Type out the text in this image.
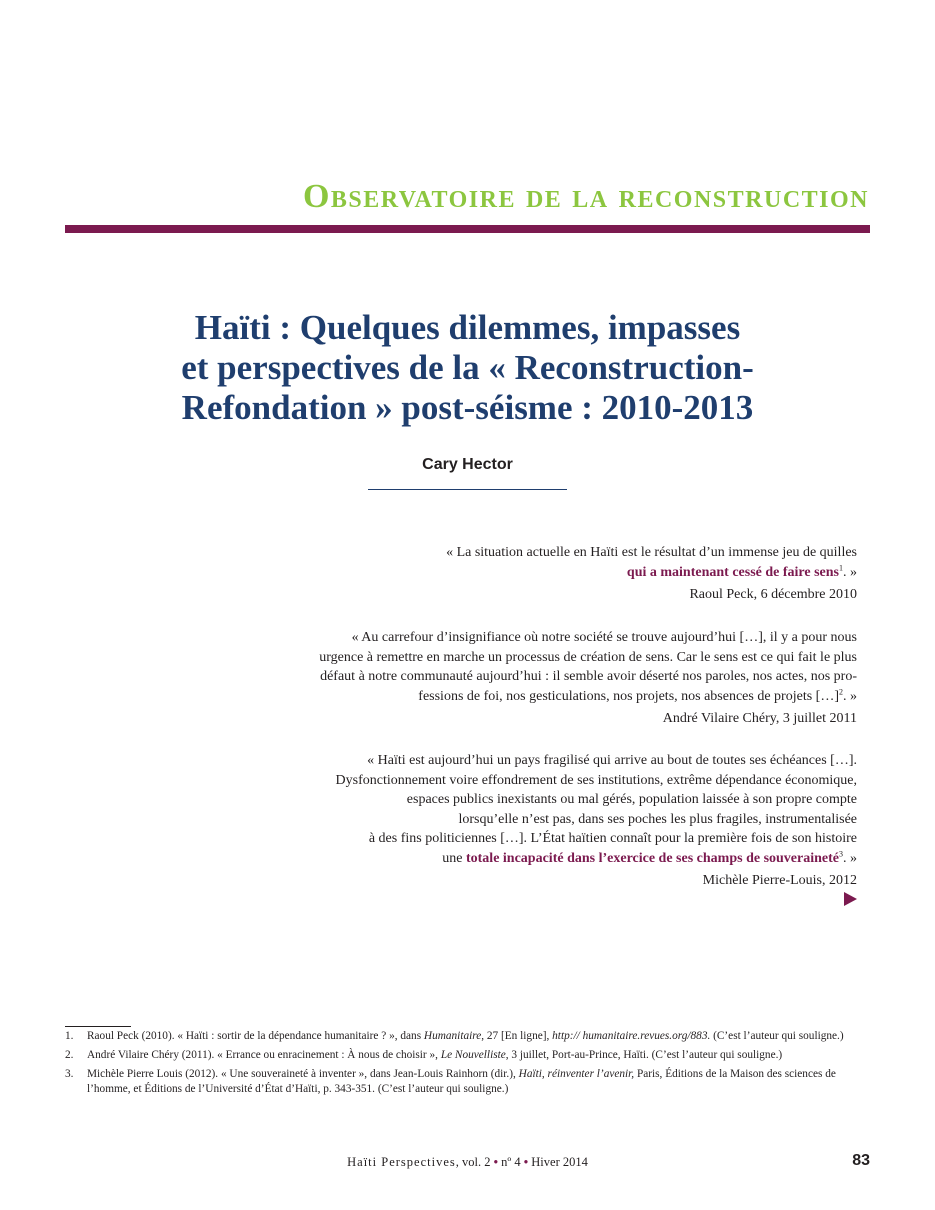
Observatoire de la reconstruction
Haïti : Quelques dilemmes, impasses
et perspectives de la « Reconstruction-
Refondation » post-séisme : 2010-2013
Cary Hector
« La situation actuelle en Haïti est le résultat d’un immense jeu de quilles
qui a maintenant cessé de faire sens$^1$. »
Raoul Peck, 6 décembre 2010
« Au carrefour d’insignifiance où notre société se trouve aujourd’hui […], il y a pour nous
urgence à remettre en marche un processus de création de sens. Car le sens est ce qui fait le plus
défaut à notre communauté aujourd’hui : il semble avoir déserté nos paroles, nos actes, nos pro-
fessions de foi, nos gesticulations, nos projets, nos absences de projets […]$^2$. »
André Vilaire Chéry, 3 juillet 2011
« Haïti est aujourd’hui un pays fragilisé qui arrive au bout de toutes ses échéances […].
Dysfonctionnement voire effondrement de ses institutions, extrême dépendance économique,
espaces publics inexistants ou mal gérés, population laissée à son propre compte
lorsqu’elle n’est pas, dans ses poches les plus fragiles, instrumentalisée
à des fins politiciennes […]. L’État haïtien connaît pour la première fois de son histoire
une totale incapacité dans l’exercice de ses champs de souveraineté$^3$. »
Michèle Pierre-Louis, 2012
1.	Raoul Peck (2010). « Haïti : sortir de la dépendance humanitaire ? », dans Humanitaire, 27 [En ligne], http:// humanitaire.revues.org/883. (C’est l’auteur qui souligne.)
2.	André Vilaire Chéry (2011). « Errance ou enracinement : À nous de choisir », Le Nouvelliste, 3 juillet, Port-au-Prince, Haïti. (C’est l’auteur qui souligne.)
3.	Michèle Pierre Louis (2012). « Une souveraineté à inventer », dans Jean-Louis Rainhorn (dir.), Haïti, réinventer l’avenir, Paris, Éditions de la Maison des sciences de l’homme, et Éditions de l’Université d’État d’Haïti, p. 343-351. (C’est l’auteur qui souligne.)
Haïti Perspectives, vol. 2 • nº 4 • Hiver 2014	83
